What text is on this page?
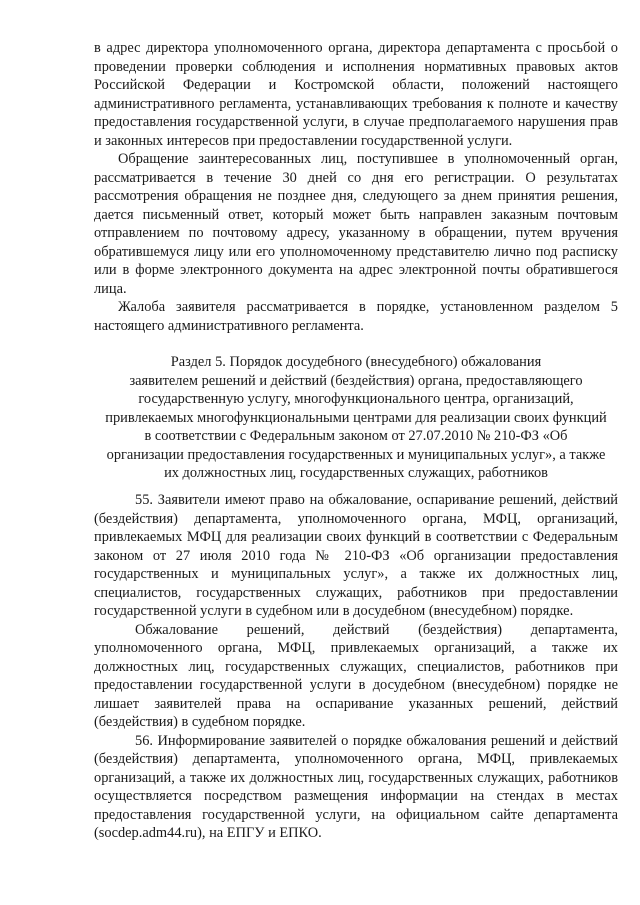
в адрес директора уполномоченного органа, директора департамента с просьбой о проведении проверки соблюдения и исполнения нормативных правовых актов Российской Федерации и Костромской области, положений настоящего административного регламента, устанавливающих требования к полноте и качеству предоставления государственной услуги, в случае предполагаемого нарушения прав и законных интересов при предоставлении государственной услуги.

Обращение заинтересованных лиц, поступившее в уполномоченный орган, рассматривается в течение 30 дней со дня его регистрации. О результатах рассмотрения обращения не позднее дня, следующего за днем принятия решения, дается письменный ответ, который может быть направлен заказным почтовым отправлением по почтовому адресу, указанному в обращении, путем вручения обратившемуся лицу или его уполномоченному представителю лично под расписку или в форме электронного документа на адрес электронной почты обратившегося лица.

Жалоба заявителя рассматривается в порядке, установленном разделом 5 настоящего административного регламента.

Раздел 5. Порядок досудебного (внесудебного) обжалования
заявителем решений и действий (бездействия) органа, предоставляющего
государственную услугу, многофункционального центра, организаций,
привлекаемых многофункциональными центрами для реализации своих функций
в соответствии с Федеральным законом от 27.07.2010 № 210-ФЗ «Об
организации предоставления государственных и муниципальных услуг», а также
их должностных лиц, государственных служащих, работников

55. Заявители имеют право на обжалование, оспаривание решений, действий (бездействия) департамента, уполномоченного органа, МФЦ, организаций, привлекаемых МФЦ для реализации своих функций в соответствии с Федеральным законом от 27 июля 2010 года № 210-ФЗ «Об организации предоставления государственных и муниципальных услуг», а также их должностных лиц, специалистов, государственных служащих, работников при предоставлении государственной услуги в судебном или в досудебном (внесудебном) порядке.

Обжалование решений, действий (бездействия) департамента, уполномоченного органа, МФЦ, привлекаемых организаций, а также их должностных лиц, государственных служащих, специалистов, работников при предоставлении государственной услуги в досудебном (внесудебном) порядке не лишает заявителей права на оспаривание указанных решений, действий (бездействия) в судебном порядке.

56. Информирование заявителей о порядке обжалования решений и действий (бездействия) департамента, уполномоченного органа, МФЦ, привлекаемых организаций, а также их должностных лиц, государственных служащих, работников осуществляется посредством размещения информации на стендах в местах предоставления государственной услуги, на официальном сайте департамента (socdep.adm44.ru), на ЕПГУ и ЕПКО.
